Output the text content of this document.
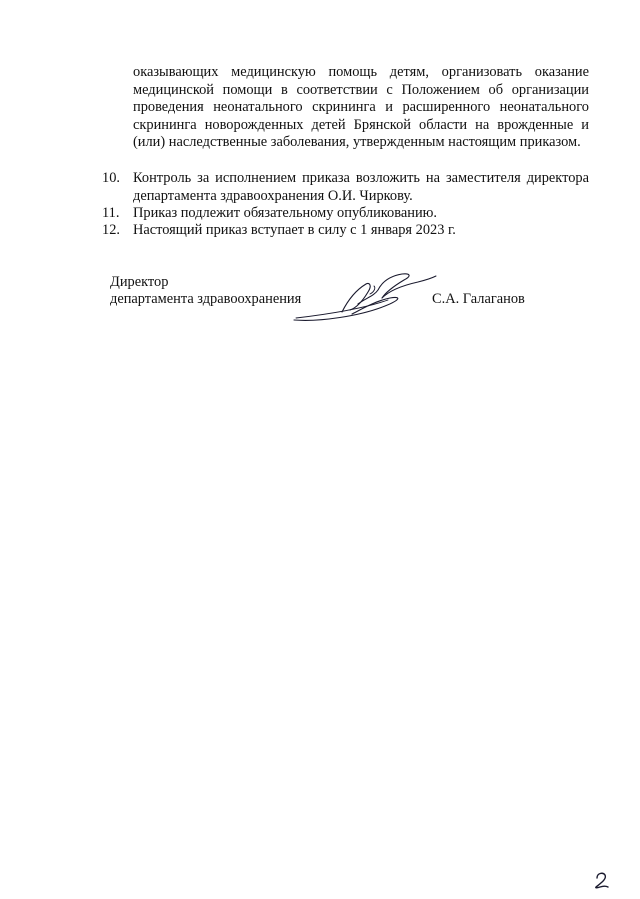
оказывающих медицинскую помощь детям, организовать оказание медицинской помощи в соответствии с Положением об организации проведения неонатального скрининга и расширенного неонатального скрининга новорожденных детей Брянской области на врожденные и (или) наследственные заболевания, утвержденным настоящим приказом.

10. Контроль за исполнением приказа возложить на заместителя директора департамента здравоохранения О.И. Чиркову.
11. Приказ подлежит обязательному опубликованию.
12. Настоящий приказ вступает в силу с 1 января 2023 г.
Директор
департамента здравоохранения	С.А. Галаганов
